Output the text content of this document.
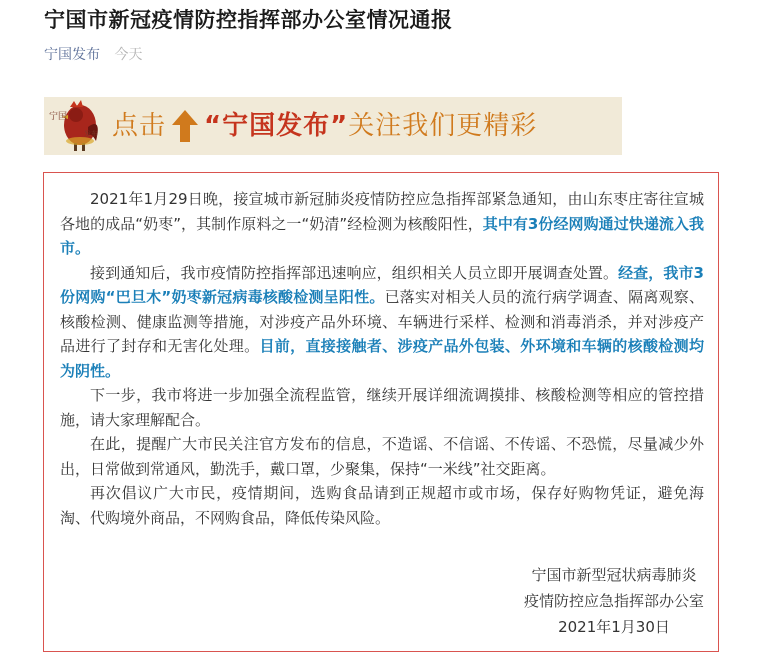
宁国市新冠疫情防控指挥部办公室情况通报
宁国发布 今天
宁国
发布 点击 “宁国发布”关注我们更精彩

2021年1月29日晚，接宣城市新冠肺炎疫情防控应急指挥部紧急通知，由山东枣庄寄往宣城各地的成品“奶枣”，其制作原料之一“奶清”经检测为核酸阳性，其中有3份经网购通过快递流入我市。

接到通知后，我市疫情防控指挥部迅速响应，组织相关人员立即开展调查处置。经查，我市3份网购“巴旦木”奶枣新冠病毒核酸检测呈阳性。已落实对相关人员的流行病学调查、隔离观察、核酸检测、健康监测等措施，对涉疫产品外环境、车辆进行采样、检测和消毒消杀，并对涉疫产品进行了封存和无害化处理。目前，直接接触者、涉疫产品外包装、外环境和车辆的核酸检测均为阴性。

下一步，我市将进一步加强全流程监管，继续开展详细流调摸排、核酸检测等相应的管控措施，请大家理解配合。

在此，提醒广大市民关注官方发布的信息，不造谣、不信谣、不传谣、不恐慌，尽量减少外出，日常做到常通风，勤洗手，戴口罩，少聚集，保持“一米线”社交距离。

再次倡议广大市民，疫情期间，选购食品请到正规超市或市场，保存好购物凭证，避免海淘、代购境外商品，不网购食品，降低传染风险。

宁国市新型冠状病毒肺炎
疫情防控应急指挥部办公室
2021年1月30日
